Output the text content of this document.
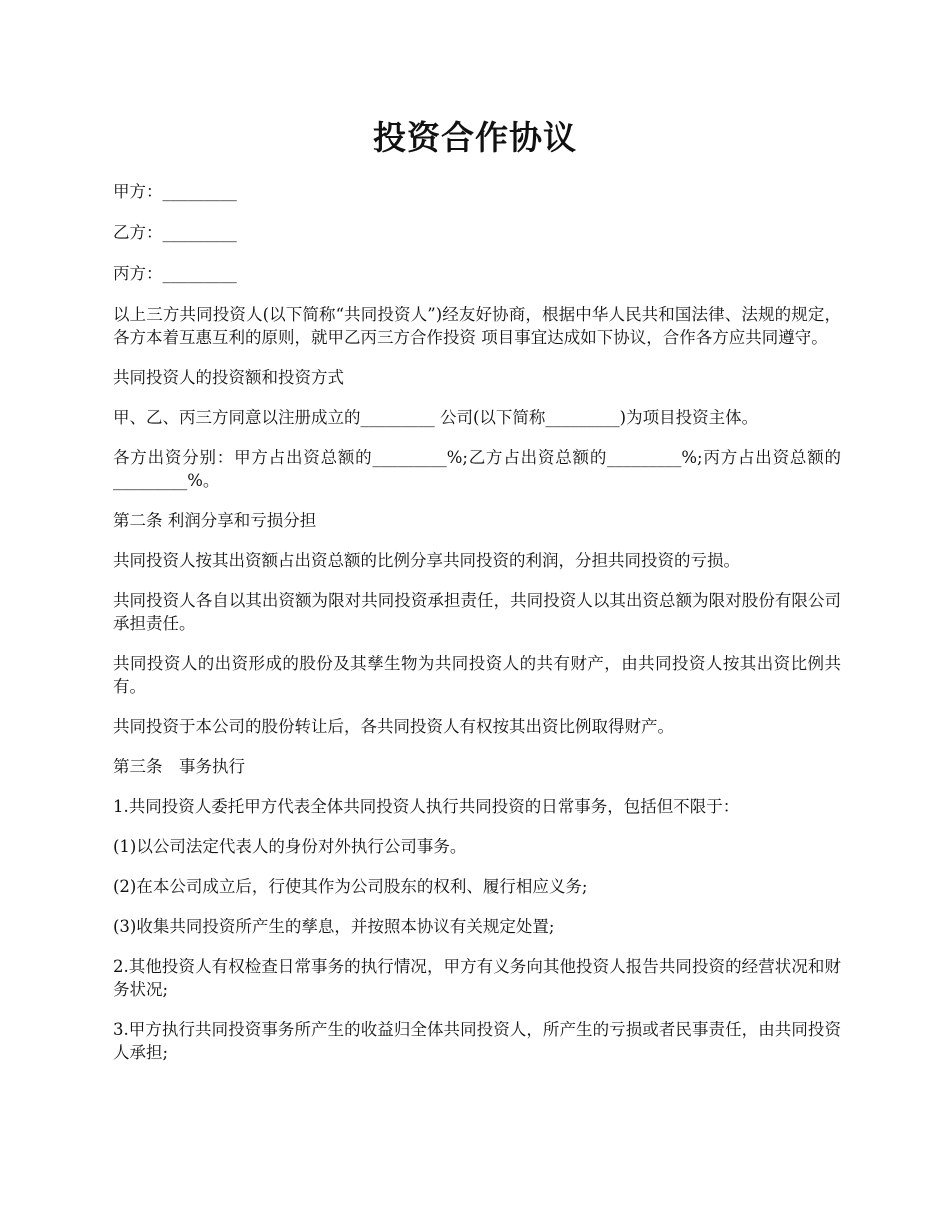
投资合作协议

甲方：_________

乙方：_________

丙方：_________

以上三方共同投资人(以下简称“共同投资人”)经友好协商，根据中华人民共和国法律、法规的规定，各方本着互惠互利的原则，就甲乙丙三方合作投资 项目事宜达成如下协议，合作各方应共同遵守。

共同投资人的投资额和投资方式

甲、乙、丙三方同意以注册成立的_________ 公司(以下简称_________)为项目投资主体。

各方出资分别：甲方占出资总额的_________%;乙方占出资总额的_________%;丙方占出资总额的_________%。

第二条 利润分享和亏损分担

共同投资人按其出资额占出资总额的比例分享共同投资的利润，分担共同投资的亏损。

共同投资人各自以其出资额为限对共同投资承担责任，共同投资人以其出资总额为限对股份有限公司承担责任。

共同投资人的出资形成的股份及其孳生物为共同投资人的共有财产，由共同投资人按其出资比例共有。

共同投资于本公司的股份转让后，各共同投资人有权按其出资比例取得财产。

第三条　事务执行

1.共同投资人委托甲方代表全体共同投资人执行共同投资的日常事务，包括但不限于：

(1)以公司法定代表人的身份对外执行公司事务。

(2)在本公司成立后，行使其作为公司股东的权利、履行相应义务;

(3)收集共同投资所产生的孳息，并按照本协议有关规定处置;

2.其他投资人有权检查日常事务的执行情况，甲方有义务向其他投资人报告共同投资的经营状况和财务状况;

3.甲方执行共同投资事务所产生的收益归全体共同投资人，所产生的亏损或者民事责任，由共同投资人承担;
